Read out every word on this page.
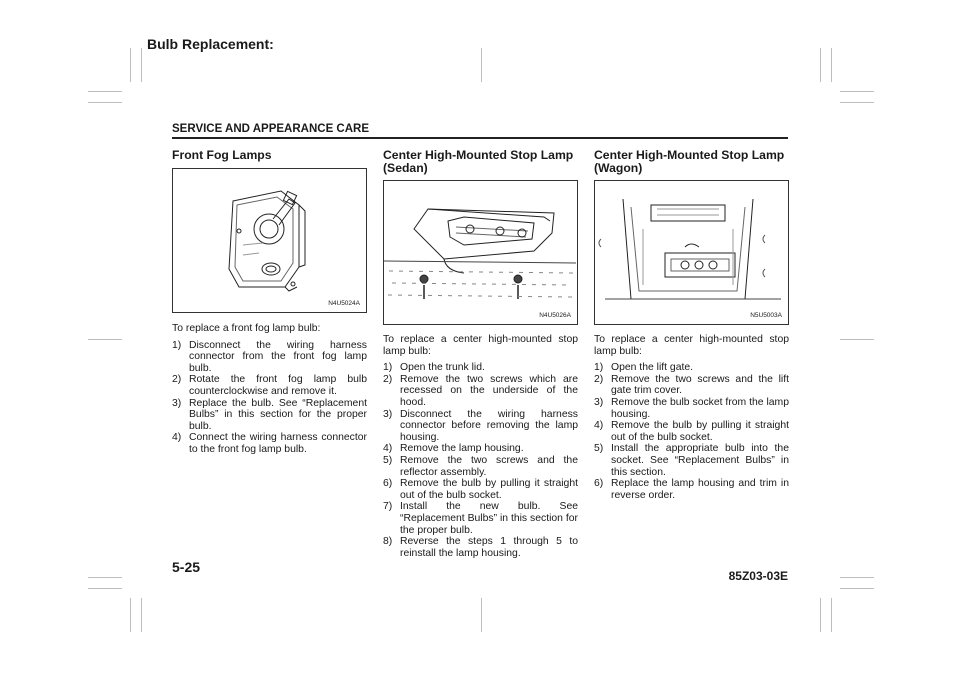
Bulb Replacement:
SERVICE AND APPEARANCE CARE
Front Fog Lamps
N4U5024A
To replace a front fog lamp bulb:
1) Disconnect the wiring harness connector from the front fog lamp bulb.
2) Rotate the front fog lamp bulb counterclockwise and remove it.
3) Replace the bulb. See “Replacement Bulbs” in this section for the proper bulb.
4) Connect the wiring harness connector to the front fog lamp bulb.
Center High-Mounted Stop Lamp (Sedan)
N4U5026A
To replace a center high-mounted stop lamp bulb:
1) Open the trunk lid.
2) Remove the two screws which are recessed on the underside of the hood.
3) Disconnect the wiring harness connector before removing the lamp housing.
4) Remove the lamp housing.
5) Remove the two screws and the reflector assembly.
6) Remove the bulb by pulling it straight out of the bulb socket.
7) Install the new bulb. See “Replacement Bulbs” in this section for the proper bulb.
8) Reverse the steps 1 through 5 to reinstall the lamp housing.
Center High-Mounted Stop Lamp (Wagon)
N5U5003A
To replace a center high-mounted stop lamp bulb:
1) Open the lift gate.
2) Remove the two screws and the lift gate trim cover.
3) Remove the bulb socket from the lamp housing.
4) Remove the bulb by pulling it straight out of the bulb socket.
5) Install the appropriate bulb into the socket. See “Replacement Bulbs” in this section.
6) Replace the lamp housing and trim in reverse order.
5-25
85Z03-03E
